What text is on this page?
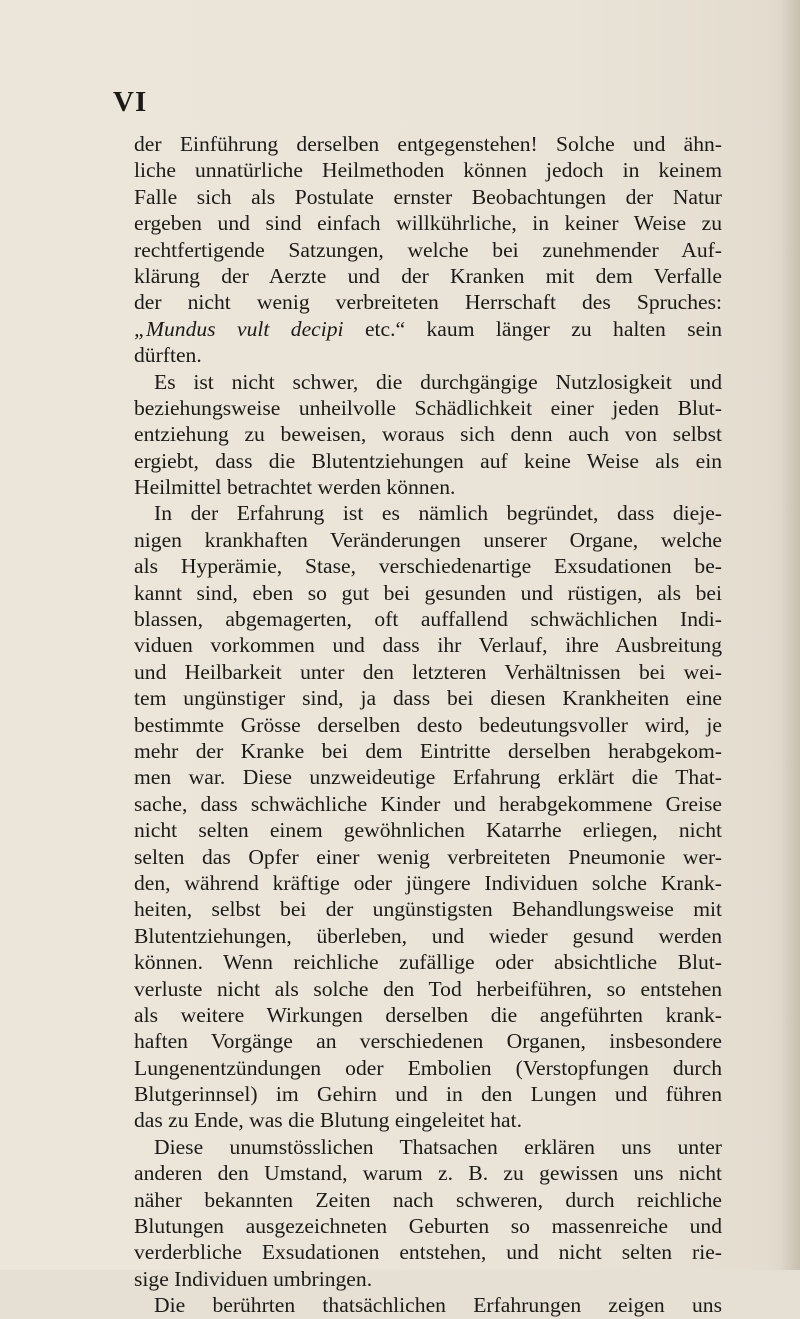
VI
der Einführung derselben entgegenstehen! Solche und ähn-
liche unnatürliche Heilmethoden können jedoch in keinem
Falle sich als Postulate ernster Beobachtungen der Natur
ergeben und sind einfach willkührliche, in keiner Weise zu
rechtfertigende Satzungen, welche bei zunehmender Auf-
klärung der Aerzte und der Kranken mit dem Verfalle
der nicht wenig verbreiteten Herrschaft des Spruches:
„Mundus vult decipi etc.“ kaum länger zu halten sein
dürften.
Es ist nicht schwer, die durchgängige Nutzlosigkeit und
beziehungsweise unheilvolle Schädlichkeit einer jeden Blut-
entziehung zu beweisen, woraus sich denn auch von selbst
ergiebt, dass die Blutentziehungen auf keine Weise als ein
Heilmittel betrachtet werden können.
In der Erfahrung ist es nämlich begründet, dass dieje-
nigen krankhaften Veränderungen unserer Organe, welche
als Hyperämie, Stase, verschiedenartige Exsudationen be-
kannt sind, eben so gut bei gesunden und rüstigen, als bei
blassen, abgemagerten, oft auffallend schwächlichen Indi-
viduen vorkommen und dass ihr Verlauf, ihre Ausbreitung
und Heilbarkeit unter den letzteren Verhältnissen bei wei-
tem ungünstiger sind, ja dass bei diesen Krankheiten eine
bestimmte Grösse derselben desto bedeutungsvoller wird, je
mehr der Kranke bei dem Eintritte derselben herabgekom-
men war. Diese unzweideutige Erfahrung erklärt die That-
sache, dass schwächliche Kinder und herabgekommene Greise
nicht selten einem gewöhnlichen Katarrhe erliegen, nicht
selten das Opfer einer wenig verbreiteten Pneumonie wer-
den, während kräftige oder jüngere Individuen solche Krank-
heiten, selbst bei der ungünstigsten Behandlungsweise mit
Blutentziehungen, überleben, und wieder gesund werden
können. Wenn reichliche zufällige oder absichtliche Blut-
verluste nicht als solche den Tod herbeiführen, so entstehen
als weitere Wirkungen derselben die angeführten krank-
haften Vorgänge an verschiedenen Organen, insbesondere
Lungenentzündungen oder Embolien (Verstopfungen durch
Blutgerinnsel) im Gehirn und in den Lungen und führen
das zu Ende, was die Blutung eingeleitet hat.
Diese unumstösslichen Thatsachen erklären uns unter
anderen den Umstand, warum z. B. zu gewissen uns nicht
näher bekannten Zeiten nach schweren, durch reichliche
Blutungen ausgezeichneten Geburten so massenreiche und
verderbliche Exsudationen entstehen, und nicht selten rie-
sige Individuen umbringen.
Die berührten thatsächlichen Erfahrungen zeigen uns
